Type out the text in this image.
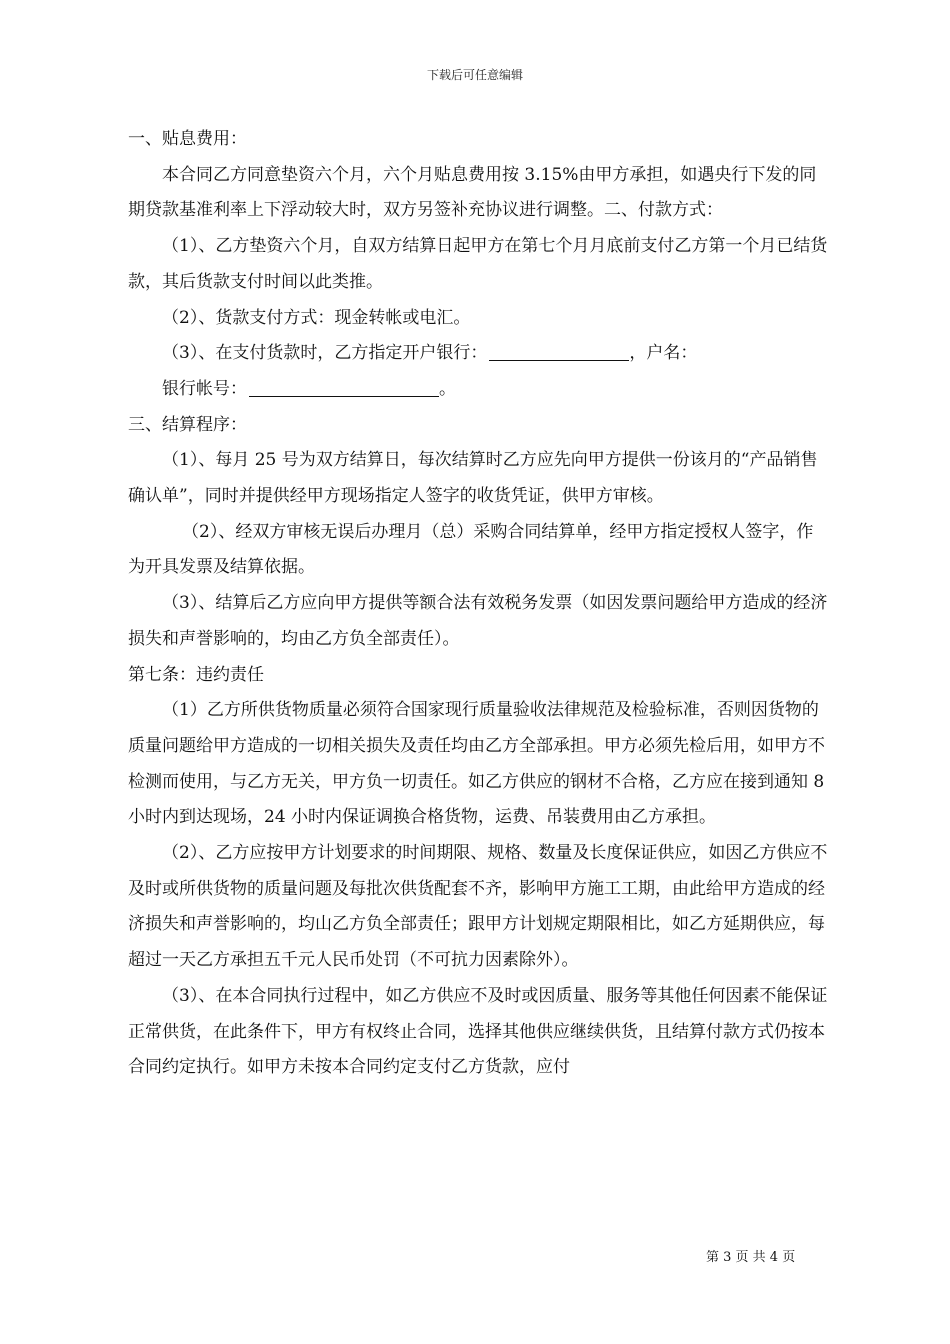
下载后可任意编辑

一、贴息费用：

本合同乙方同意垫资六个月，六个月贴息费用按 3.15%由甲方承担，如遇央行下发的同期贷款基准利率上下浮动较大时，双方另签补充协议进行调整。二、付款方式：

（1）、乙方垫资六个月，自双方结算日起甲方在第七个月月底前支付乙方第一个月已结货款，其后货款支付时间以此类推。

（2）、货款支付方式：现金转帐或电汇。

（3）、在支付货款时，乙方指定开户银行：	，户名：

银行帐号：	。

三、结算程序：

（1）、每月 25 号为双方结算日，每次结算时乙方应先向甲方提供一份该月的“产品销售确认单”，同时并提供经甲方现场指定人签字的收货凭证，供甲方审核。

（2）、经双方审核无误后办理月（总）采购合同结算单，经甲方指定授权人签字，作为开具发票及结算依据。

（3）、结算后乙方应向甲方提供等额合法有效税务发票（如因发票问题给甲方造成的经济损失和声誉影响的，均由乙方负全部责任）。

第七条：违约责任

（1）乙方所供货物质量必须符合国家现行质量验收法律规范及检验标准，否则因货物的质量问题给甲方造成的一切相关损失及责任均由乙方全部承担。甲方必须先检后用，如甲方不检测而使用，与乙方无关，甲方负一切责任。如乙方供应的钢材不合格，乙方应在接到通知 8 小时内到达现场，24 小时内保证调换合格货物，运费、吊装费用由乙方承担。

（2）、乙方应按甲方计划要求的时间期限、规格、数量及长度保证供应，如因乙方供应不及时或所供货物的质量问题及每批次供货配套不齐，影响甲方施工工期，由此给甲方造成的经济损失和声誉影响的，均山乙方负全部责任；跟甲方计划规定期限相比，如乙方延期供应，每超过一天乙方承担五千元人民币处罚（不可抗力因素除外）。

（3）、在本合同执行过程中，如乙方供应不及时或因质量、服务等其他任何因素不能保证正常供货，在此条件下，甲方有权终止合同，选择其他供应继续供货，且结算付款方式仍按本合同约定执行。如甲方未按本合同约定支付乙方货款，应付

第 3 页 共 4 页
